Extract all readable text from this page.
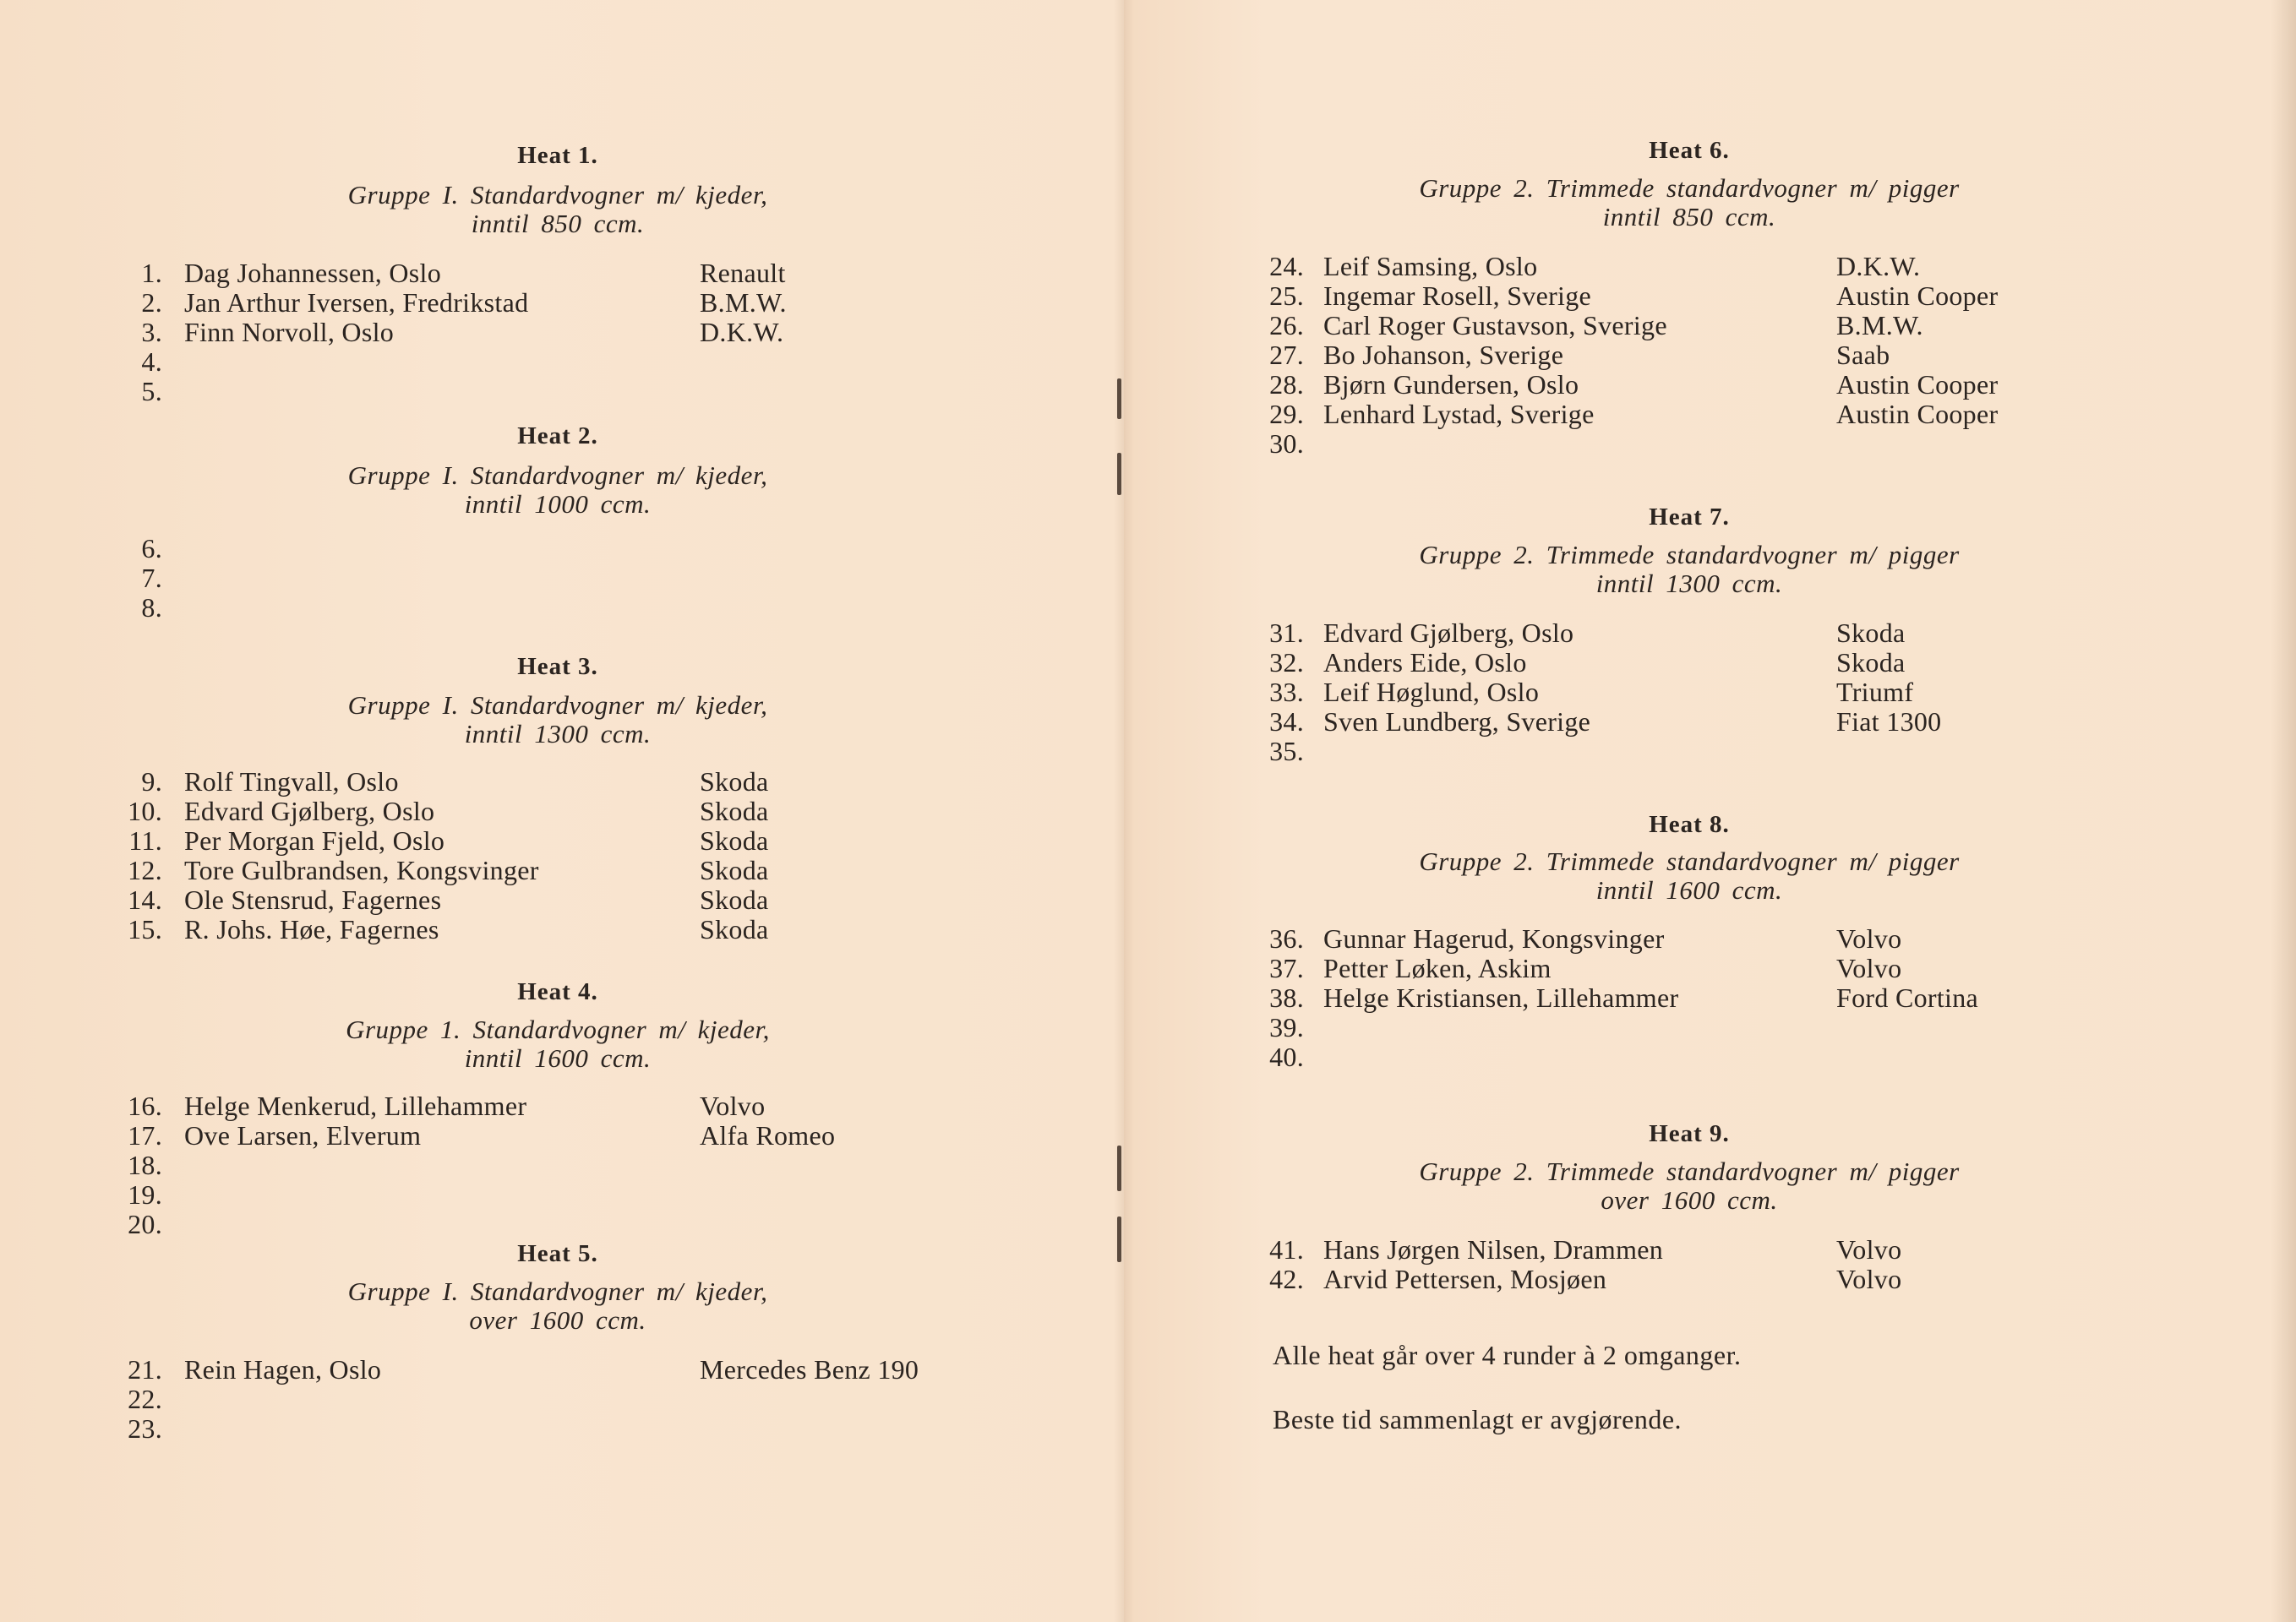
Heat 1.
Gruppe I. Standardvogner m/ kjeder,
inntil 850 ccm.
1. Dag Johannessen, Oslo	Renault
2. Jan Arthur Iversen, Fredrikstad	B.M.W.
3. Finn Norvoll, Oslo	D.K.W.
4.
5.
Heat 2.
Gruppe I. Standardvogner m/ kjeder,
inntil 1000 ccm.
6.
7.
8.
Heat 3.
Gruppe I. Standardvogner m/ kjeder,
inntil 1300 ccm.
9. Rolf Tingvall, Oslo	Skoda
10. Edvard Gjølberg, Oslo	Skoda
11. Per Morgan Fjeld, Oslo	Skoda
12. Tore Gulbrandsen, Kongsvinger	Skoda
14. Ole Stensrud, Fagernes	Skoda
15. R. Johs. Høe, Fagernes	Skoda
Heat 4.
Gruppe 1. Standardvogner m/ kjeder,
inntil 1600 ccm.
16. Helge Menkerud, Lillehammer	Volvo
17. Ove Larsen, Elverum	Alfa Romeo
18.
19.
20.
Heat 5.
Gruppe I. Standardvogner m/ kjeder,
over 1600 ccm.
21. Rein Hagen, Oslo	Mercedes Benz 190
22.
23.
Heat 6.
Gruppe 2. Trimmede standardvogner m/ pigger
inntil 850 ccm.
24. Leif Samsing, Oslo	D.K.W.
25. Ingemar Rosell, Sverige	Austin Cooper
26. Carl Roger Gustavson, Sverige	B.M.W.
27. Bo Johanson, Sverige	Saab
28. Bjørn Gundersen, Oslo	Austin Cooper
29. Lenhard Lystad, Sverige	Austin Cooper
30.
Heat 7.
Gruppe 2. Trimmede standardvogner m/ pigger
inntil 1300 ccm.
31. Edvard Gjølberg, Oslo	Skoda
32. Anders Eide, Oslo	Skoda
33. Leif Høglund, Oslo	Triumf
34. Sven Lundberg, Sverige	Fiat 1300
35.
Heat 8.
Gruppe 2. Trimmede standardvogner m/ pigger
inntil 1600 ccm.
36. Gunnar Hagerud, Kongsvinger	Volvo
37. Petter Løken, Askim	Volvo
38. Helge Kristiansen, Lillehammer	Ford Cortina
39.
40.
Heat 9.
Gruppe 2. Trimmede standardvogner m/ pigger
over 1600 ccm.
41. Hans Jørgen Nilsen, Drammen	Volvo
42. Arvid Pettersen, Mosjøen	Volvo
Alle heat går over 4 runder à 2 omganger.
Beste tid sammenlagt er avgjørende.
